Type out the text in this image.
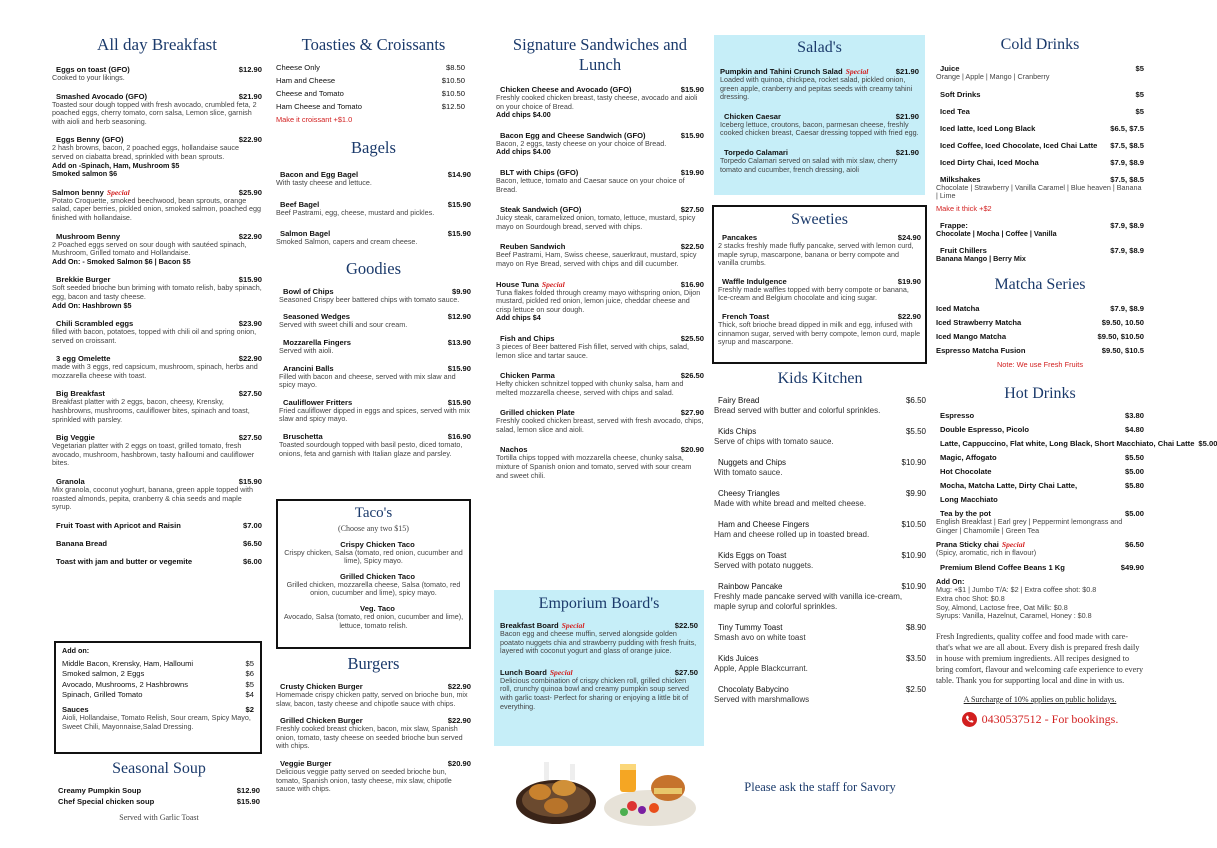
All day Breakfast
Eggs on toast (GFO)	$12.90
Cooked to your likings.
Smashed Avocado (GFO)	$21.90
Toasted sour dough topped with fresh avocado, crumbled feta, 2 poached eggs, cherry tomato, corn salsa, Lemon slice, garnish with aioli and herb seasoning.
Eggs Benny (GFO)	$22.90
2 hash browns, bacon, 2 poached eggs, hollandaise sauce served on ciabatta bread, sprinkled with bean sprouts.
Add on -Spinach, Ham, Mushroom $5
Smoked salmon $6
Salmon benny Special	$25.90
Potato Croquette, smoked beechwood, bean sprouts, orange salad, caper berries, pickled onion, smoked salmon, poached egg finished with hollandaise.
Mushroom Benny	$22.90
2 Poached eggs served on sour dough with sautéed spinach, Mushroom, Grilled tomato and Hollandaise.
Add On: - Smoked Salmon $6 | Bacon $5
Brekkie Burger	$15.90
Soft seeded brioche bun briming with tomato relish, baby spinach, egg, bacon and tasty cheese.
Add On: Hashbrown $5
Chili Scrambled eggs	$23.90
filled with bacon, potatoes, topped with chili oil and spring onion, served on croissant.
3 egg Omelette	$22.90
made with 3 eggs, red capsicum, mushroom, spinach, herbs and mozzarella cheese with toast.
Big Breakfast	$27.50
Breakfast platter with 2 eggs, bacon, cheesy, Krensky, hashbrowns, mushrooms, cauliflower bites, spinach and toast, sprinkled with parsley.
Big Veggie	$27.50
Vegetarian platter with 2 eggs on toast, grilled tomato, fresh avocado, mushroom, hashbrown, tasty halloumi and cauliflower bites.
Granola	$15.90
Mix granola, coconut yoghurt, banana, green apple topped with roasted almonds, pepita, cranberry & chia seeds and maple syrup.
Fruit Toast with Apricot and Raisin	$7.00
Banana Bread	$6.50
Toast with jam and butter or vegemite	$6.00
Add on:
Middle Bacon, Krensky, Ham, Halloumi	$5
Smoked salmon, 2 Eggs	$6
Avocado, Mushrooms, 2 Hashbrowns	$5
Spinach, Grilled Tomato	$4
Sauces	$2
Aioli, Hollandaise, Tomato Relish, Sour cream, Spicy Mayo, Sweet Chili, Mayonnaise,Salad Dressing.
Seasonal Soup
Creamy Pumpkin Soup	$12.90
Chef Special chicken soup	$15.90
Served with Garlic Toast
Toasties & Croissants
Cheese Only	$8.50
Ham and Cheese	$10.50
Cheese and Tomato	$10.50
Ham Cheese and Tomato	$12.50
Make it croissant +$1.0
Bagels
Bacon and Egg Bagel	$14.90
With tasty cheese and lettuce.
Beef Bagel	$15.90
Beef Pastrami, egg, cheese, mustard and pickles.
Salmon Bagel	$15.90
Smoked Salmon, capers and cream cheese.
Goodies
Bowl of Chips	$9.90
Seasoned Crispy beer battered chips with tomato sauce.
Seasoned Wedges	$12.90
Served with sweet chilli and sour cream.
Mozzarella Fingers	$13.90
Served with aioli.
Arancini Balls	$15.90
Filled with bacon and cheese, served with mix slaw and spicy mayo.
Cauliflower Fritters	$15.90
Fried cauliflower dipped in eggs and spices, served with mix slaw and spicy mayo.
Bruschetta	$16.90
Toasted sourdough topped with basil pesto, diced tomato, onions, feta and garnish with Italian glaze and parsley.
Taco's
(Choose any two $15)
Crispy Chicken Taco
Crispy chicken, Salsa (tomato, red onion, cucumber and lime), Spicy mayo.
Grilled Chicken Taco
Grilled chicken, mozzarella cheese, Salsa (tomato, red onion, cucumber and lime), spicy mayo.
Veg. Taco
Avocado, Salsa (tomato, red onion, cucumber and lime), lettuce, tomato relish.
Burgers
Crusty Chicken Burger	$22.90
Homemade crispy chicken patty, served on brioche bun, mix slaw, bacon, tasty cheese and chipotle sauce with chips.
Grilled Chicken Burger	$22.90
Freshly cooked breast chicken, bacon, mix slaw, Spanish onion, tomato, tasty cheese on seeded brioche bun served with chips.
Veggie Burger	$20.90
Delicious veggie patty served on seeded brioche bun, tomato, Spanish onion, tasty cheese, mix slaw, chipotle sauce with chips.
Signature Sandwiches and Lunch
Chicken Cheese and Avocado (GFO)	$15.90
Freshly cooked chicken breast, tasty cheese, avocado and aioli on your choice of Bread.
Add chips $4.00
Bacon Egg and Cheese Sandwich (GFO)	$15.90
Bacon, 2 eggs, tasty cheese on your choice of Bread.
Add chips $4.00
BLT with Chips (GFO)	$19.90
Bacon, lettuce, tomato and Caesar sauce on your choice of Bread.
Steak Sandwich (GFO)	$27.50
Juicy steak, caramelized onion, tomato, lettuce, mustard, spicy mayo on Sourdough bread, served with chips.
Reuben Sandwich	$22.50
Beef Pastrami, Ham, Swiss cheese, sauerkraut, mustard, spicy mayo on Rye Bread, served with chips and dill cucumber.
House Tuna Special	$16.90
Tuna flakes folded through creamy mayo withspring onion, Dijon mustard, pickled red onion, lemon juice, cheddar cheese and crisp lettuce on sour dough.
Add chips $4
Fish and Chips	$25.50
3 pieces of Beer battered Fish fillet, served with chips, salad, lemon slice and tartar sauce.
Chicken Parma	$26.50
Hefty chicken schnitzel topped with chunky salsa, ham and melted mozzarella cheese, served with chips and salad.
Grilled chicken Plate	$27.90
Freshly cooked chicken breast, served with fresh avocado, chips, salad, lemon slice and aioli.
Nachos	$20.90
Tortilla chips topped with mozzarella cheese, chunky salsa, mixture of Spanish onion and tomato, served with sour cream and sweet chili.
Emporium Board's
Breakfast Board Special	$22.50
Bacon egg and cheese muffin, served alongside golden poatato nuggets chia and strawberry pudding with fresh fruits, layered with coconut yogurt and glass of orange juice.
Lunch Board Special	$27.50
Delicious combination of crispy chicken roll, grilled chicken roll, crunchy quinoa bowl and creamy pumpkin soup served with garlic toast- Perfect for sharing or enjoying a little bit of everything.
Salad's
Pumpkin and Tahini Crunch Salad Special	$21.90
Loaded with quinoa, chickpea, rocket salad, pickled onion, green apple, cranberry and pepitas seeds with creamy tahini dressing.
Chicken Caesar	$21.90
Iceberg lettuce, croutons, bacon, parmesan cheese, freshly cooked chicken breast, Caesar dressing topped with fried egg.
Torpedo Calamari	$21.90
Torpedo Calamari served on salad with mix slaw, cherry tomato and cucumber, french dressing, aioli
Sweeties
Pancakes	$24.90
2 stacks freshly made fluffy pancake, served with lemon curd, maple syrup, mascarpone, banana or berry compote and vanilla crumbs.
Waffle Indulgence	$19.90
Freshly made waffles topped with berry compote or banana, Ice-cream and Belgium chocolate and icing sugar.
French Toast	$22.90
Thick, soft brioche bread dipped in milk and egg, infused with cinnamon sugar, served with berry compote, lemon curd, maple syrup and mascarpone.
Kids Kitchen
Fairy Bread	$6.50
Bread served with butter and colorful sprinkles.
Kids Chips	$5.50
Serve of chips with tomato sauce.
Nuggets and Chips	$10.90
With tomato sauce.
Cheesy Triangles	$9.90
Made with white bread and melted cheese.
Ham and Cheese Fingers	$10.50
Ham and cheese rolled up in toasted bread.
Kids Eggs on Toast	$10.90
Served with potato nuggets.
Rainbow Pancake	$10.90
Freshly made pancake served with vanilla ice-cream, maple syrup and colorful sprinkles.
Tiny Tummy Toast	$8.90
Smash avo on white toast
Kids Juices	$3.50
Apple, Apple Blackcurrant.
Chocolaty Babycino	$2.50
Served with marshmallows
Please ask the staff for Savory
Cold Drinks
Juice	$5
Orange | Apple | Mango | Cranberry
Soft Drinks	$5
Iced Tea	$5
Iced latte, Iced Long Black	$6.5, $7.5
Iced Coffee, Iced Chocolate, Iced Chai Latte $7.5, $8.5
Iced Dirty Chai, Iced Mocha	$7.9, $8.9
Milkshakes	$7.5, $8.5
Chocolate | Strawberry | Vanilla Caramel | Blue heaven | Banana | Lime
Make it thick +$2
Frappe:	$7.9, $8.9
Chocolate | Mocha | Coffee | Vanilla
Fruit Chillers	$7.9, $8.9
Banana Mango | Berry Mix
Matcha Series
Iced Matcha	$7.9, $8.9
Iced Strawberry Matcha	$9.50, 10.50
Iced Mango Matcha	$9.50, $10.50
Espresso Matcha Fusion	$9.50, $10.5
Note: We use Fresh Fruits
Hot Drinks
Espresso	$3.80
Double Espresso, Picolo	$4.80
Latte, Cappuccino, Flat white, Long Black, Short Macchiato, Chai Latte $5.00
Magic, Affogato	$5.50
Hot Chocolate	$5.00
Mocha, Matcha Latte, Dirty Chai Latte,	$5.80
Long Macchiato
Tea by the pot	$5.00
English Breakfast | Earl grey | Peppermint lemongrass and Ginger | Chamomile | Green Tea
Prana Sticky chai Special	$6.50
(Spicy, aromatic, rich in flavour)
Premium Blend Coffee Beans 1 Kg	$49.90
Add On:
Mug: +$1 | Jumbo T/A: $2 | Extra coffee shot: $0.8
Extra choc Shot: $0.8
Soy, Almond, Lactose free, Oat Milk: $0.8
Syrups: Vanilla, Hazelnut, Caramel, Honey : $0.8
Fresh Ingredients, quality coffee and food made with care- that's what we are all about. Every dish is prepared fresh daily in house with premium ingredients. All recipes designed to bring comfort, flavour and welcoming cafe experience to every table. Thank you for supporting local and dine in with us.
A Surcharge of 10% applies on public holidays.
0430537512 - For bookings.
